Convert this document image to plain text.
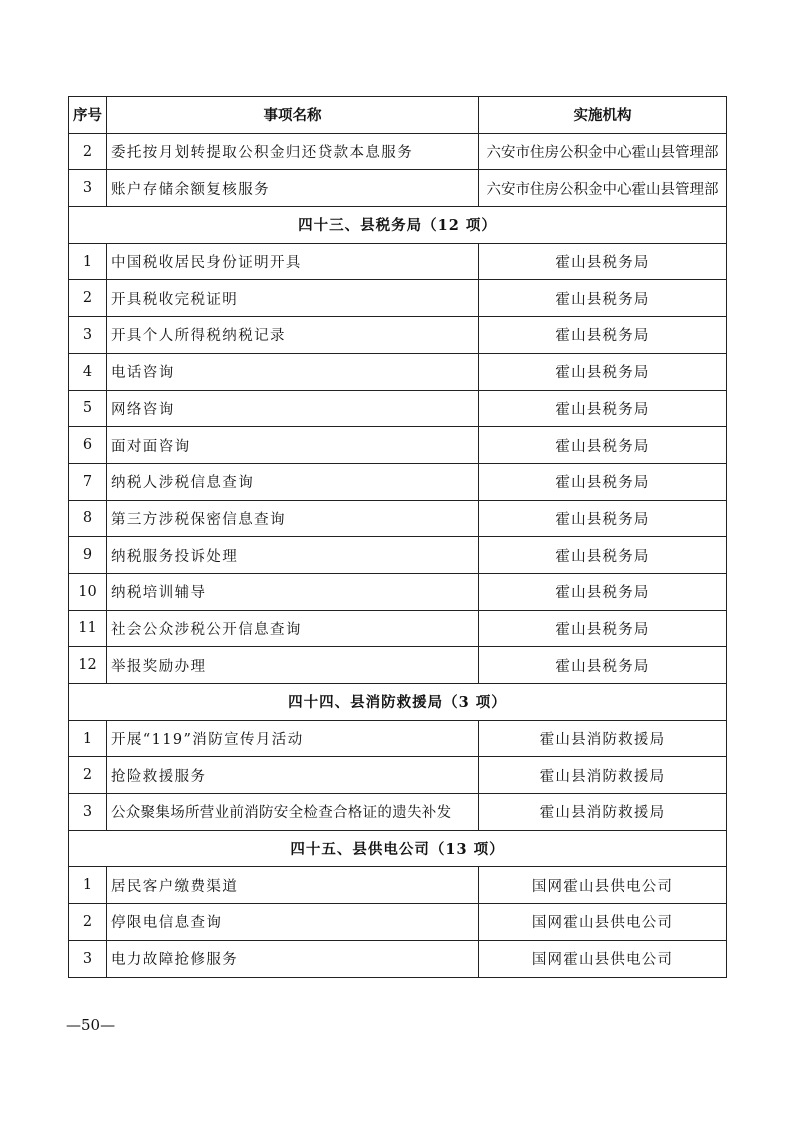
序号	事项名称	实施机构
2	委托按月划转提取公积金归还贷款本息服务	六安市住房公积金中心霍山县管理部
3	账户存储余额复核服务	六安市住房公积金中心霍山县管理部
四十三、县税务局（12 项）		
1	中国税收居民身份证明开具	霍山县税务局
2	开具税收完税证明	霍山县税务局
3	开具个人所得税纳税记录	霍山县税务局
4	电话咨询	霍山县税务局
5	网络咨询	霍山县税务局
6	面对面咨询	霍山县税务局
7	纳税人涉税信息查询	霍山县税务局
8	第三方涉税保密信息查询	霍山县税务局
9	纳税服务投诉处理	霍山县税务局
10	纳税培训辅导	霍山县税务局
11	社会公众涉税公开信息查询	霍山县税务局
12	举报奖励办理	霍山县税务局
四十四、县消防救援局（3 项）		
1	开展“119”消防宣传月活动	霍山县消防救援局
2	抢险救援服务	霍山县消防救援局
3	公众聚集场所营业前消防安全检查合格证的遗失补发	霍山县消防救援局
四十五、县供电公司（13 项）		
1	居民客户缴费渠道	国网霍山县供电公司
2	停限电信息查询	国网霍山县供电公司
3	电力故障抢修服务	国网霍山县供电公司
—50—
